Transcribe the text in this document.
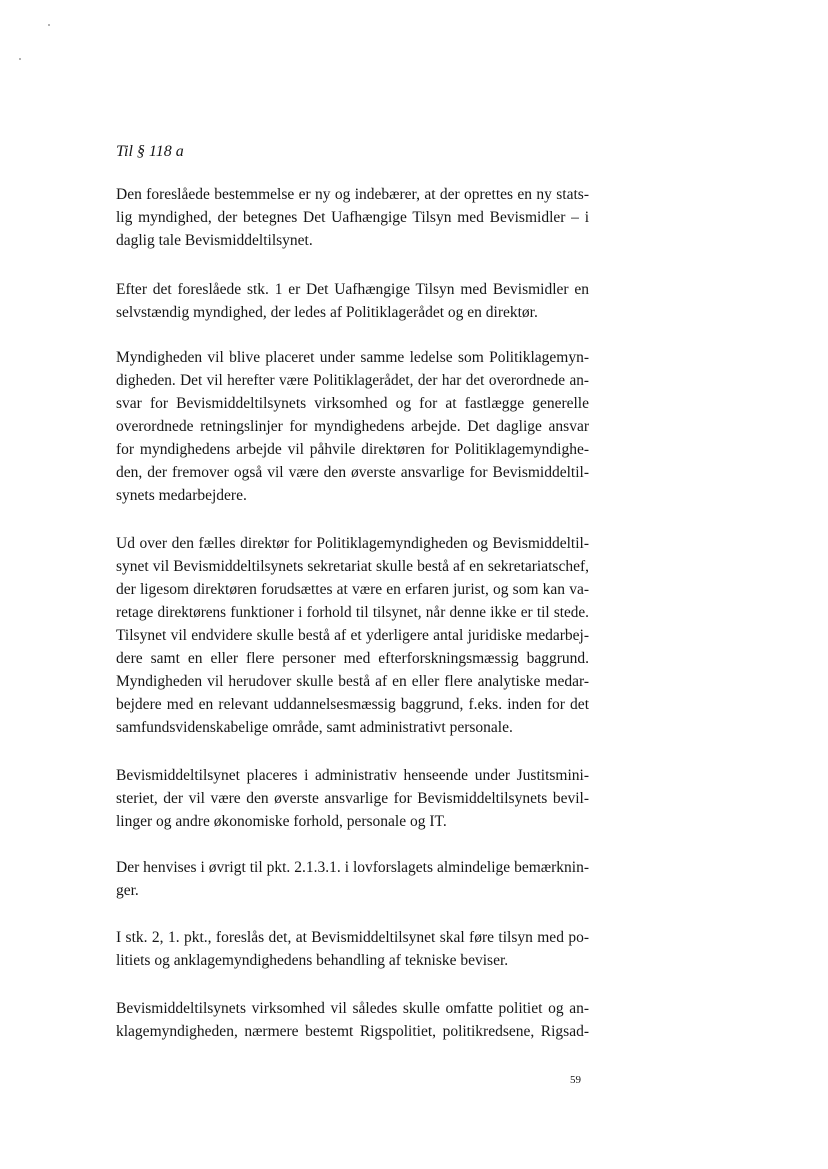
Til § 118 a
Den foreslåede bestemmelse er ny og indebærer, at der oprettes en ny stats-
lig myndighed, der betegnes Det Uafhængige Tilsyn med Bevismidler – i
daglig tale Bevismiddeltilsynet.
Efter det foreslåede stk. 1 er Det Uafhængige Tilsyn med Bevismidler en
selvstændig myndighed, der ledes af Politiklagerådet og en direktør.
Myndigheden vil blive placeret under samme ledelse som Politiklagemyn-
digheden. Det vil herefter være Politiklagerådet, der har det overordnede an-
svar for Bevismiddeltilsynets virksomhed og for at fastlægge generelle
overordnede retningslinjer for myndighedens arbejde. Det daglige ansvar
for myndighedens arbejde vil påhvile direktøren for Politiklagemyndighe-
den, der fremover også vil være den øverste ansvarlige for Bevismiddeltil-
synets medarbejdere.
Ud over den fælles direktør for Politiklagemyndigheden og Bevismiddeltil-
synet vil Bevismiddeltilsynets sekretariat skulle bestå af en sekretariatschef,
der ligesom direktøren forudsættes at være en erfaren jurist, og som kan va-
retage direktørens funktioner i forhold til tilsynet, når denne ikke er til stede.
Tilsynet vil endvidere skulle bestå af et yderligere antal juridiske medarbej-
dere samt en eller flere personer med efterforskningsmæssig baggrund.
Myndigheden vil herudover skulle bestå af en eller flere analytiske medar-
bejdere med en relevant uddannelsesmæssig baggrund, f.eks. inden for det
samfundsvidenskabelige område, samt administrativt personale.
Bevismiddeltilsynet placeres i administrativ henseende under Justitsmini-
steriet, der vil være den øverste ansvarlige for Bevismiddeltilsynets bevil-
linger og andre økonomiske forhold, personale og IT.
Der henvises i øvrigt til pkt. 2.1.3.1. i lovforslagets almindelige bemærknin-
ger.
I stk. 2, 1. pkt., foreslås det, at Bevismiddeltilsynet skal føre tilsyn med po-
litiets og anklagemyndighedens behandling af tekniske beviser.
Bevismiddeltilsynets virksomhed vil således skulle omfatte politiet og an-
klagemyndigheden, nærmere bestemt Rigspolitiet, politikredsene, Rigsad-
59
